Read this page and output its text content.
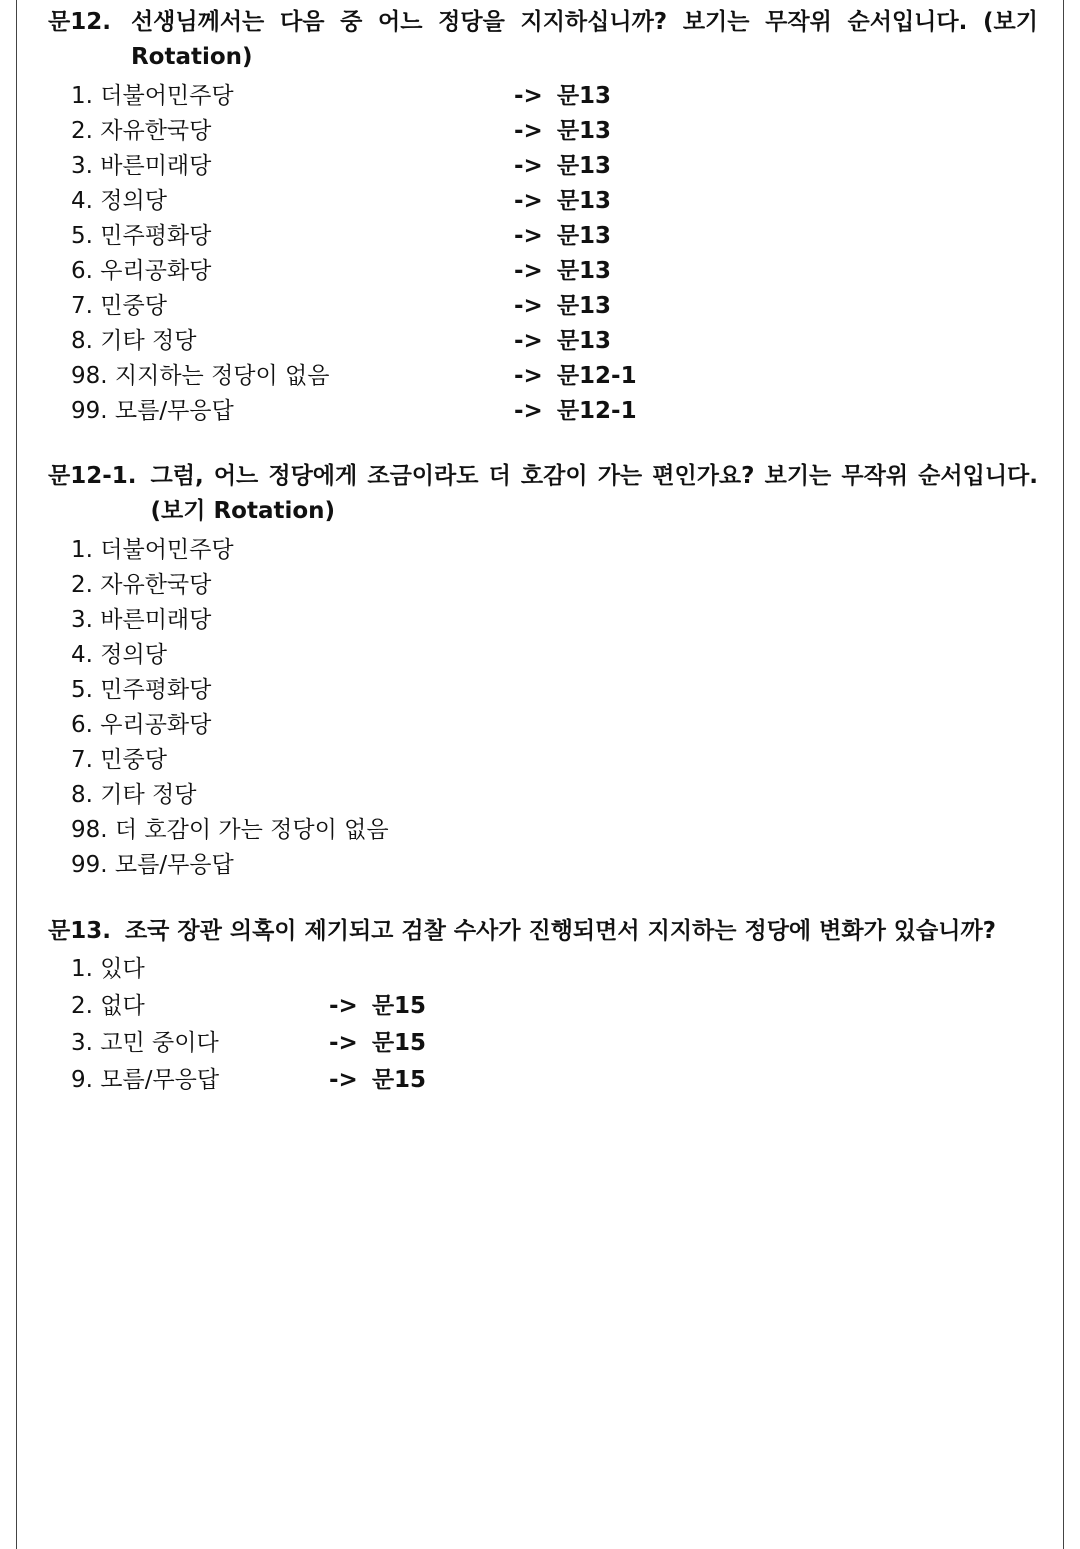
문12. 선생님께서는 다음 중 어느 정당을 지지하십니까? 보기는 무작위 순서입니다. (보기 Rotation)
1. 더불어민주당	-> 문13
2. 자유한국당	-> 문13
3. 바른미래당	-> 문13
4. 정의당	-> 문13
5. 민주평화당	-> 문13
6. 우리공화당	-> 문13
7. 민중당	-> 문13
8. 기타 정당	-> 문13
98. 지지하는 정당이 없음	-> 문12-1
99. 모름/무응답	-> 문12-1
문12-1. 그럼, 어느 정당에게 조금이라도 더 호감이 가는 편인가요? 보기는 무작위 순서입니다.(보기 Rotation)
1. 더불어민주당
2. 자유한국당
3. 바른미래당
4. 정의당
5. 민주평화당
6. 우리공화당
7. 민중당
8. 기타 정당
98. 더 호감이 가는 정당이 없음
99. 모름/무응답
문13. 조국 장관 의혹이 제기되고 검찰 수사가 진행되면서 지지하는 정당에 변화가 있습니까?
1. 있다
2. 없다	-> 문15
3. 고민 중이다	-> 문15
9. 모름/무응답	-> 문15
